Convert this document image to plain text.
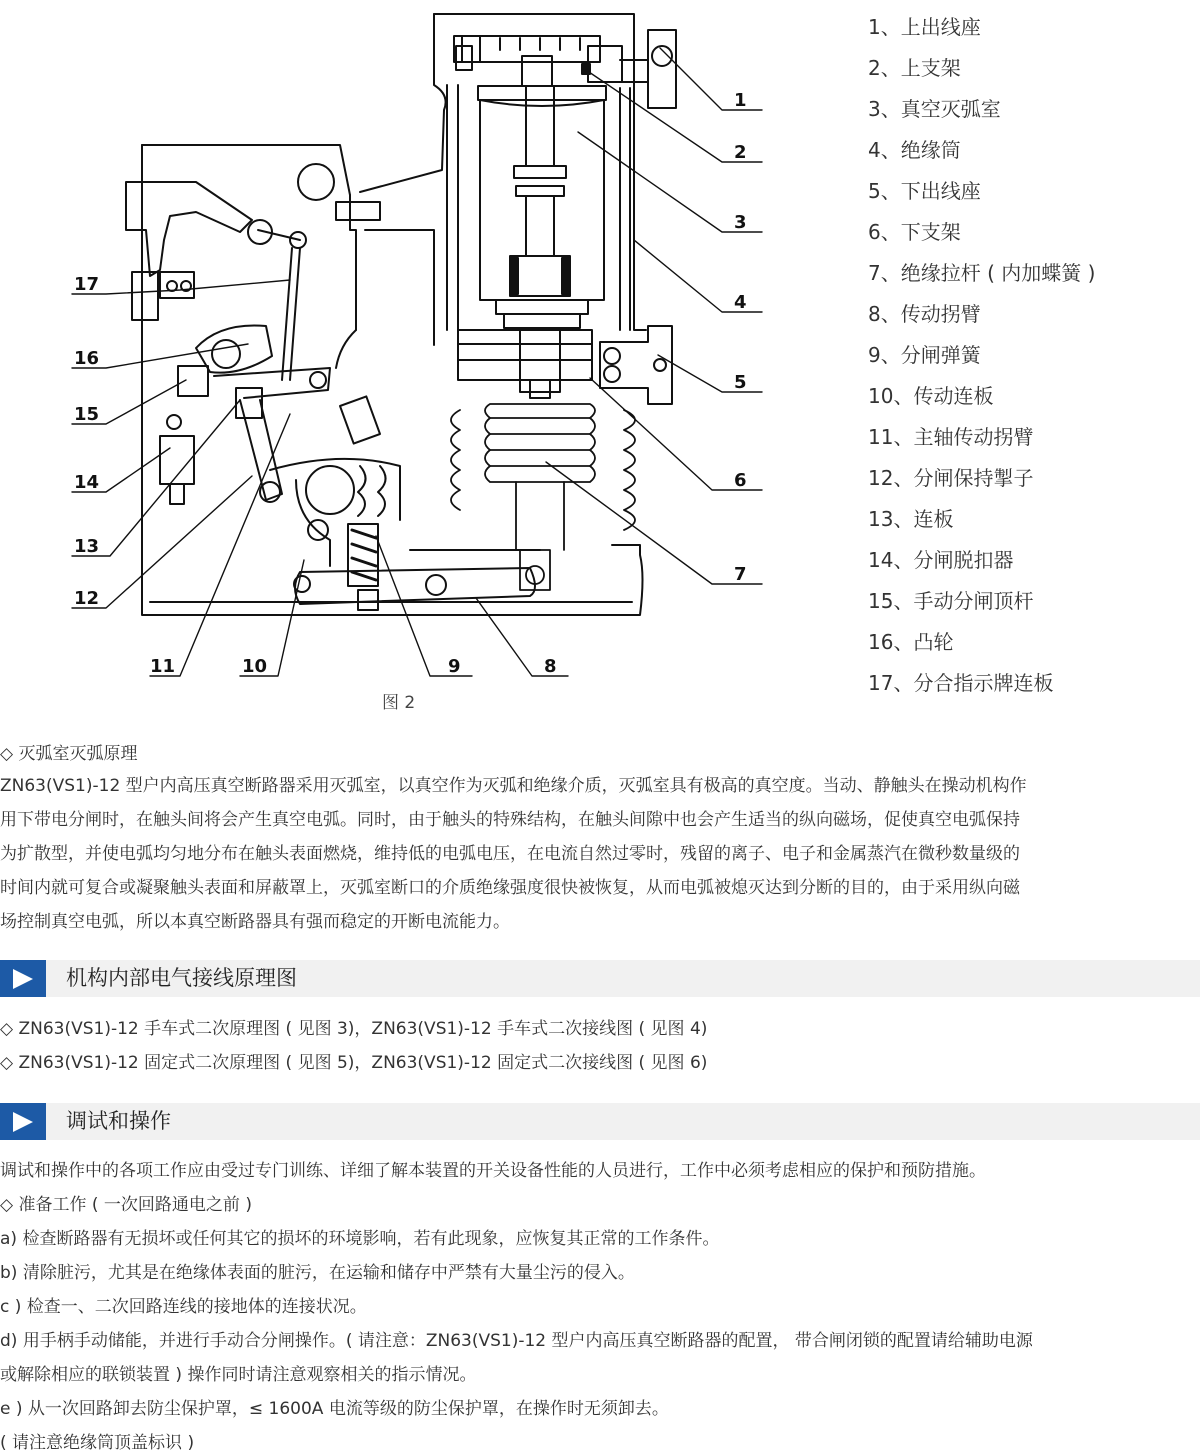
1
2
3
4
5
6
7
8
9
10
11
12
13
14
15
16
17
图 2
1、上出线座
2、上支架
3、真空灭弧室
4、绝缘筒
5、下出线座
6、下支架
7、绝缘拉杆 ( 内加蝶簧 )
8、传动拐臂
9、分闸弹簧
10、传动连板
11、主轴传动拐臂
12、分闸保持掣子
13、连板
14、分闸脱扣器
15、手动分闸顶杆
16、凸轮
17、分合指示牌连板
◇ 灭弧室灭弧原理
ZN63(VS1)-12 型户内高压真空断路器采用灭弧室，以真空作为灭弧和绝缘介质，灭弧室具有极高的真空度。当动、静触头在操动机构作
用下带电分闸时，在触头间将会产生真空电弧。同时，由于触头的特殊结构，在触头间隙中也会产生适当的纵向磁场，促使真空电弧保持
为扩散型，并使电弧均匀地分布在触头表面燃烧，维持低的电弧电压，在电流自然过零时，残留的离子、电子和金属蒸汽在微秒数量级的
时间内就可复合或凝聚触头表面和屏蔽罩上，灭弧室断口的介质绝缘强度很快被恢复，从而电弧被熄灭达到分断的目的，由于采用纵向磁
场控制真空电弧，所以本真空断路器具有强而稳定的开断电流能力。
机构内部电气接线原理图
◇ ZN63(VS1)-12 手车式二次原理图 ( 见图 3)，ZN63(VS1)-12 手车式二次接线图 ( 见图 4)
◇ ZN63(VS1)-12 固定式二次原理图 ( 见图 5)，ZN63(VS1)-12 固定式二次接线图 ( 见图 6)
调试和操作
调试和操作中的各项工作应由受过专门训练、详细了解本装置的开关设备性能的人员进行，工作中必须考虑相应的保护和预防措施。
◇ 准备工作 ( 一次回路通电之前 )
a) 检查断路器有无损坏或任何其它的损坏的环境影响，若有此现象，应恢复其正常的工作条件。
b) 清除脏污，尤其是在绝缘体表面的脏污，在运输和储存中严禁有大量尘污的侵入。
c ) 检查一、二次回路连线的接地体的连接状况。
d) 用手柄手动储能，并进行手动合分闸操作。( 请注意：ZN63(VS1)-12 型户内高压真空断路器的配置， 带合闸闭锁的配置请给辅助电源
或解除相应的联锁装置 ) 操作同时请注意观察相关的指示情况。
e ) 从一次回路卸去防尘保护罩，≤ 1600A 电流等级的防尘保护罩，在操作时无须卸去。
( 请注意绝缘筒顶盖标识 )
